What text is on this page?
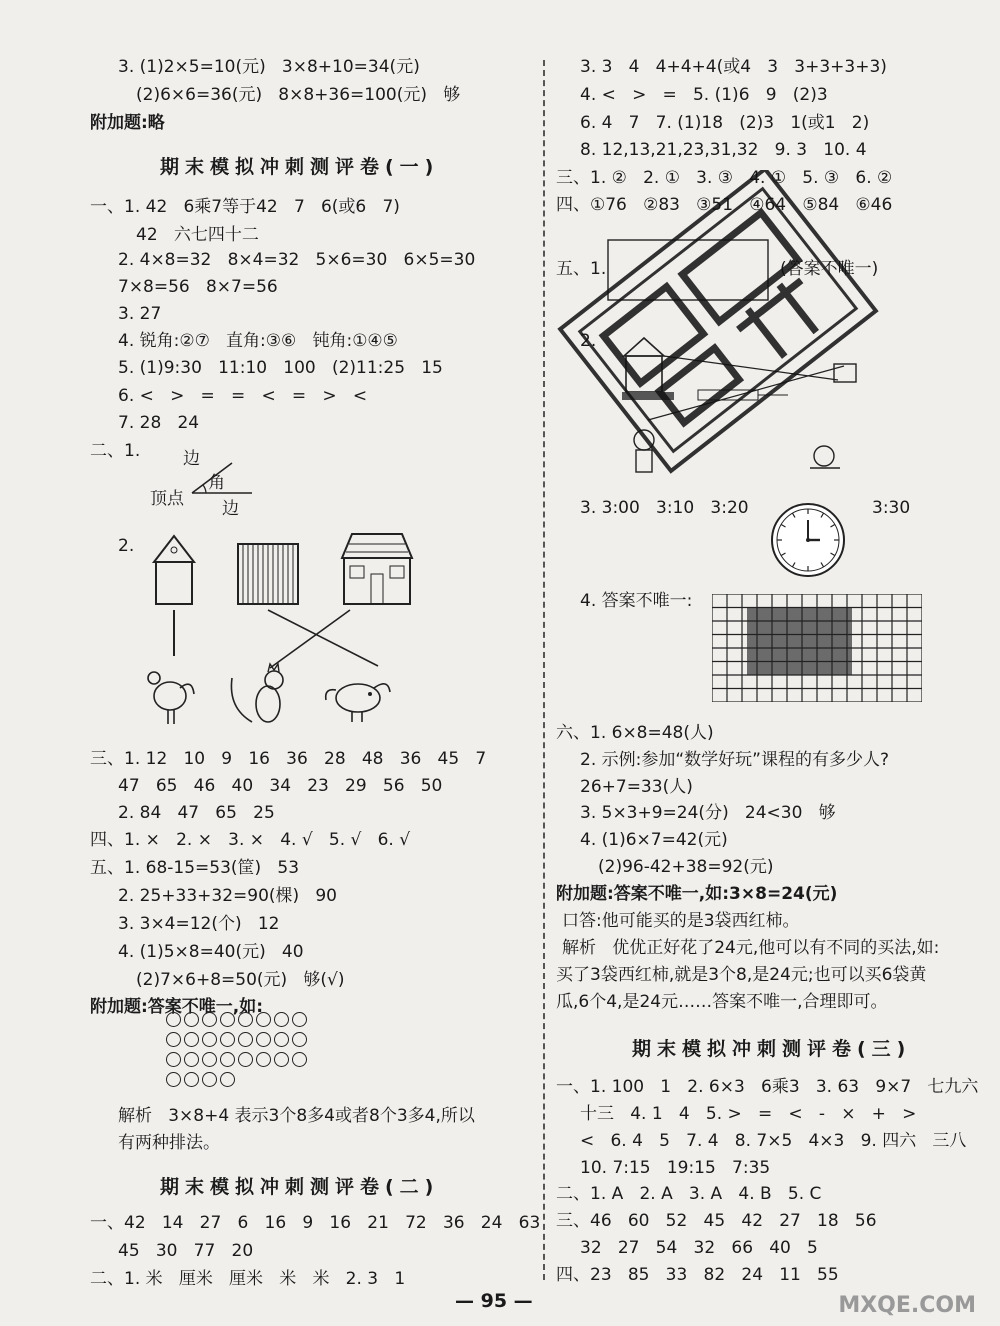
3. (1)2×5=10(元)   3×8+10=34(元)
(2)6×6=36(元)   8×8+36=100(元)   够
附加题:略
期末模拟冲刺测评卷(一)
一、1. 42   6乘7等于42   7   6(或6   7)
42   六七四十二
2. 4×8=32   8×4=32   5×6=30   6×5=30
7×8=56   8×7=56
3. 27
4. 锐角:②⑦   直角:③⑥   钝角:①④⑤
5. (1)9:30   11:10   100   (2)11:25   15
6. <   >   =   =   <   =   >   <
7. 28   24
二、1.	边
角
顶点 边
2.
三、1. 12   10   9   16   36   28   48   36   45   7
47   65   46   40   34   23   29   56   50
2. 84   47   65   25
四、1. ×   2. ×   3. ×   4. √   5. √   6. √
五、1. 68-15=53(筐)   53
2. 25+33+32=90(棵)   90
3. 3×4=12(个)   12
4. (1)5×8=40(元)   40
(2)7×6+8=50(元)   够(√)
附加题:答案不唯一,如:
解析   3×8+4 表示3个8多4或者8个3多4,所以
有两种排法。
期末模拟冲刺测评卷(二)
一、42   14   27   6   16   9   16   21   72   36   24   63
45   30   77   20
二、1. 米   厘米   厘米   米   米   2. 3   1
3. 3   4   4+4+4(或4   3   3+3+3+3)
4. <   >   =   5. (1)6   9   (2)3
6. 4   7   7. (1)18   (2)3   1(或1   2)
8. 12,13,21,23,31,32   9. 3   10. 4
三、1. ②   2. ①   3. ③   4. ①   5. ③   6. ②
四、①76   ②83   ③51   ④64   ⑤84   ⑥46
五、1.	(答案不唯一)
2.
3. 3:00   3:10   3:20	3:30
4. 答案不唯一:
六、1. 6×8=48(人)
2. 示例:参加“数学好玩”课程的有多少人?
26+7=33(人)
3. 5×3+9=24(分)   24<30   够
4. (1)6×7=42(元)
(2)96-42+38=92(元)
附加题:答案不唯一,如:3×8=24(元)
口答:他可能买的是3袋西红柿。
解析   优优正好花了24元,他可以有不同的买法,如:
买了3袋西红柿,就是3个8,是24元;也可以买6袋黄
瓜,6个4,是24元……答案不唯一,合理即可。
期末模拟冲刺测评卷(三)
一、1. 100   1   2. 6×3   6乘3   3. 63   9×7   七九六
十三   4. 1   4   5. >   =   <   -   ×   +   >
<   6. 4   5   7. 4   8. 7×5   4×3   9. 四六   三八
10. 7:15   19:15   7:35
二、1. A   2. A   3. A   4. B   5. C
三、46   60   52   45   42   27   18   56
32   27   54   32   66   40   5
四、23   85   33   82   24   11   55
— 95 —	MXQE.COM
